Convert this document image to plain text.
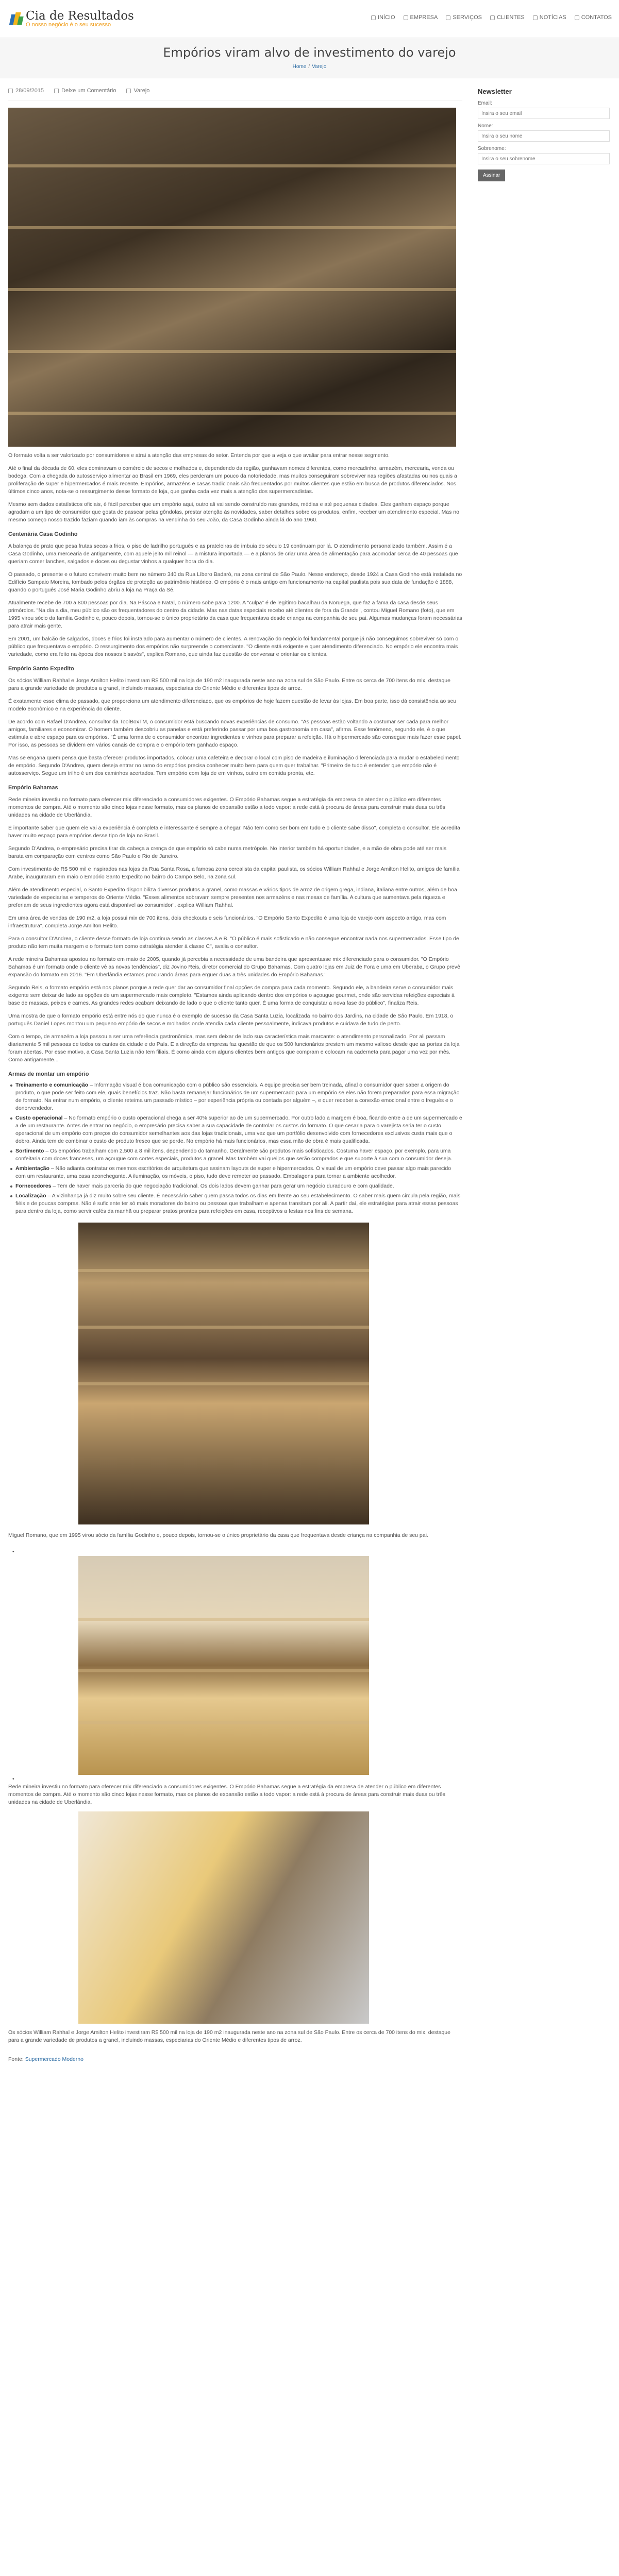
Cia de Resultados
O nosso negócio é o seu sucesso
INÍCIO	EMPRESA	SERVIÇOS	CLIENTES	NOTÍCIAS	CONTATOS
Empórios viram alvo de investimento do varejo
Home / Varejo
28/09/2015	Deixe um Comentário	Varejo

O formato volta a ser valorizado por consumidores e atrai a atenção das empresas do setor. Entenda por que a veja o que avaliar para entrar nesse segmento.

Até o final da década de 60, eles dominavam o comércio de secos e molhados e, dependendo da região, ganhavam nomes diferentes, como mercadinho, armazém, mercearia, venda ou bodega. Com a chegada do autosserviço alimentar ao Brasil em 1969, eles perderam um pouco da notoriedade, mas muitos conseguiram sobreviver nas regiões afastadas ou nos quais a proliferação de super e hipermercados é mais recente. Empórios, armazéns e casas tradicionais são frequentados por muitos clientes que estão em busca de produtos diferenciados. Nos últimos cinco anos, nota-se o ressurgimento desse formato de loja, que ganha cada vez mais a atenção dos supermercadistas.

Mesmo sem dados estatísticos oficiais, é fácil perceber que um empório aqui, outro ali vai sendo construído nas grandes, médias e até pequenas cidades. Eles ganham espaço porque agradam a um tipo de consumidor que gosta de passear pelas gôndolas, prestar atenção às novidades, saber detalhes sobre os produtos, enfim, receber um atendimento especial. Mas no mesmo começo nosso trazido faziam quando iam às compras na vendinha do seu João, da Casa Godinho ainda lá do ano 1960.

Centenária Casa Godinho

A balança de prato que pesa frutas secas a frios, o piso de ladrilho português e as prateleiras de imbuia do século 19 continuam por lá. O atendimento personalizado também. Assim é a Casa Godinho, uma mercearia de antigamente, com aquele jeito mil reinol — a mistura importada — e a planos de criar uma área de alimentação para acomodar cerca de 40 pessoas que queriam comer lanches, salgados e doces ou degustar vinhos a qualquer hora do dia.

O passado, o presente e o futuro convivem muito bem no número 340 da Rua Líbero Badaró, na zona central de São Paulo. Nesse endereço, desde 1924 a Casa Godinho está instalada no Edifício Sampaio Moreira, tombado pelos órgãos de proteção ao patrimônio histórico. O empório é o mais antigo em funcionamento na capital paulista pois sua data de fundação é 1888, quando o português José Maria Godinho abriu a loja na Praça da Sé.

Atualmente recebe de 700 a 800 pessoas por dia. Na Páscoa e Natal, o número sobe para 1200. A "culpa" é de legítimo bacalhau da Noruega, que faz a fama da casa desde seus primórdios. "Na dia a dia, meu público são os frequentadores do centro da cidade. Mas nas datas especiais recebo até clientes de fora da Grande", contou Miguel Romano (foto), que em 1995 virou sócio da família Godinho e, pouco depois, tornou-se o único proprietário da casa que frequentava desde criança na companhia de seu pai. Algumas mudanças foram necessárias para atrair mais gente.

Em 2001, um balcão de salgados, doces e frios foi instalado para aumentar o número de clientes. A renovação do negócio foi fundamental porque já não conseguimos sobreviver só com o público que frequentava o empório. O ressurgimento dos empórios não surpreende o comerciante. "O cliente está exigente e quer atendimento diferenciado. No empório ele encontra mais variedade, como era feito na época dos nossos bisavós", explica Romano, que ainda faz questão de conversar e orientar os clientes.

Empório Santo Expedito

Os sócios William Rahhal e Jorge Amilton Helito investiram R$ 500 mil na loja de 190 m2 inaugurada neste ano na zona sul de São Paulo. Entre os cerca de 700 itens do mix, destaque para a grande variedade de produtos a granel, incluindo massas, especiarias do Oriente Médio e diferentes tipos de arroz.

É exatamente esse clima de passado, que proporciona um atendimento diferenciado, que os empórios de hoje fazem questão de levar às lojas. Em boa parte, isso dá consistência ao seu modelo econômico e na experiência do cliente.

De acordo com Rafael D'Andrea, consultor da ToolBoxTM, o consumidor está buscando novas experiências de consumo. "As pessoas estão voltando a costumar ser cada para melhor amigos, familiares e economizar. O homem também descobriu as panelas e está preferindo passar por uma boa gastronomia em casa", afirma. Esse fenômeno, segundo ele, é o que estimula e abre espaço para os empórios. "É uma forma de o consumidor encontrar ingredientes e vinhos para preparar a refeição. Há o hipermercado são consegue mais fazer esse papel. Por isso, as pessoas se dividem em vários canais de compra e o empório tem ganhado espaço.

Mas se engana quem pensa que basta oferecer produtos importados, colocar uma cafeteira e decorar o local com piso de madeira e iluminação diferenciada para mudar o estabelecimento de empório. Segundo D'Andrea, quem deseja entrar no ramo do empórios precisa conhecer muito bem para quem quer trabalhar. "Primeiro de tudo é entender que empório não é autosserviço. Segue um trilho é um dos caminhos acertados. Tem empório com loja de em vinhos, outro em comida pronta, etc.

Empório Bahamas

Rede mineira investiu no formato para oferecer mix diferenciado a consumidores exigentes. O Empório Bahamas segue a estratégia da empresa de atender o público em diferentes momentos de compra. Até o momento são cinco lojas nesse formato, mas os planos de expansão estão a todo vapor: a rede está à procura de áreas para construir mais duas ou três unidades na cidade de Uberlândia.

É importante saber que quem ele vai a experiência é completa e interessante é sempre a chegar. Não tem como ser bom em tudo e o cliente sabe disso", completa o consultor. Ele acredita haver muito espaço para empórios desse tipo de loja no Brasil.

Segundo D'Andrea, o empresário precisa tirar da cabeça a crença de que empório só cabe numa metrópole. No interior também há oportunidades, e a mão de obra pode até ser mais barata em comparação com centros como São Paulo e Rio de Janeiro.

Com investimento de R$ 500 mil e inspirados nas lojas da Rua Santa Rosa, a famosa zona cerealista da capital paulista, os sócios William Rahhal e Jorge Amilton Helito, amigos de família Árabe, inauguraram em maio o Empório Santo Expedito no bairro do Campo Belo, na zona sul.

Além de atendimento especial, o Santo Expedito disponibiliza diversos produtos a granel, como massas e vários tipos de arroz de origem grega, indiana, italiana entre outros, além de boa variedade de especiarias e temperos do Oriente Médio. "Esses alimentos sobravam sempre presentes nos armazéns e nas mesas de família. A cultura que aumentava pela riqueza e preferiam de seus ingredientes agora está disponível ao consumidor", explica William Rahhal.

Em uma área de vendas de 190 m2, a loja possui mix de 700 itens, dois checkouts e seis funcionários. "O Empório Santo Expedito é uma loja de varejo com aspecto antigo, mas com infraestrutura", completa Jorge Amilton Helito.

Para o consultor D'Andrea, o cliente desse formato de loja continua sendo as classes A e B. "O público é mais sofisticado e não consegue encontrar nada nos supermercados. Esse tipo de produto não tem muita margem e o formato tem como estratégia atender à classe C", avalia o consultor.

A rede mineira Bahamas apostou no formato em maio de 2005, quando já percebia a necessidade de uma bandeira que apresentasse mix diferenciado para o consumidor. "O Empório Bahamas é um formato onde o cliente vê as novas tendências", diz Jovino Reis, diretor comercial do Grupo Bahamas. Com quatro lojas em Juiz de Fora e uma em Uberaba, o Grupo prevê expansão do formato em 2016. "Em Uberlândia estamos procurando áreas para erguer duas a três unidades do Empório Bahamas."

Segundo Reis, o formato empório está nos planos porque a rede quer dar ao consumidor final opções de compra para cada momento. Segundo ele, a bandeira serve o consumidor mais exigente sem deixar de lado as opções de um supermercado mais completo. "Estamos ainda aplicando dentro dos empórios o açougue gourmet, onde são servidas refeições especiais à base de massas, peixes e carnes. As grandes redes acabam deixando de lado o que o cliente tanto quer. É uma forma de conquistar a nova fase do público", finaliza Reis.

Uma mostra de que o formato empório está entre nós do que nunca é o exemplo de sucesso da Casa Santa Luzia, localizada no bairro dos Jardins, na cidade de São Paulo. Em 1918, o português Daniel Lopes montou um pequeno empório de secos e molhados onde atendia cada cliente pessoalmente, indicava produtos e cuidava de tudo de perto.

Com o tempo, de armazém a loja passou a ser uma referência gastronômica, mas sem deixar de lado sua característica mais marcante: o atendimento personalizado. Por ali passam diariamente 5 mil pessoas de todos os cantos da cidade e do País. E a direção da empresa faz questão de que os 500 funcionários prestem um mesmo valioso desde que as portas da loja foram abertas. Por esse motivo, a Casa Santa Luzia não tem filiais. É como ainda com alguns clientes bem antigos que compram e colocam na caderneta para pagar uma vez por mês. Como antigamente...

Armas de montar um empório
Treinamento e comunicação – Informação visual é boa comunicação com o público são essenciais. A equipe precisa ser bem treinada, afinal o consumidor quer saber a origem do produto, o que pode ser feito com ele, quais benefícios traz. Não basta remanejar funcionários de um supermercado para um empório se eles não forem preparados para essa migração de formato. Na entrar num empório, o cliente reteima um passado místico – por experiência própria ou contada por alguém –, e quer receber a conexão emocional entre o fregués e o donorvendedor.
Custo operacional – No formato empório o custo operacional chega a ser 40% superior ao de um supermercado. Por outro lado a margem é boa, ficando entre a de um supermercado e a de um restaurante. Antes de entrar no negócio, o empresário precisa saber a sua capacidade de controlar os custos do formato. O que cesaria para o varejista seria ter o custo operacional de um empório com preços do consumidor semelhantes aos das lojas tradicionais, uma vez que um portfólio desenvolvido com fornecedores exclusivos custa mais que o dobro. Ainda tem de combinar o custo de produto fresco que se perde. No empório há mais funcionários, mas essa mão de obra é mais qualificada.
Sortimento – Os empórios trabalham com 2.500 a 8 mil itens, dependendo do tamanho. Geralmente são produtos mais sofisticados. Costuma haver espaço, por exemplo, para uma confeitaria com doces franceses, um açougue com cortes especiais, produtos a granel. Mas também vai queijos que serão comprados e que suporte à sua com o consumidor deseja.
Ambientação – Não adianta contratar os mesmos escritórios de arquitetura que assinam layouts de super e hipermercados. O visual de um empório deve passar algo mais parecido com um restaurante, uma casa aconchegante. A iluminação, os móveis, o piso, tudo deve remeter ao passado. Embalagens para tornar a ambiente acolhedor.
Fornecedores – Tem de haver mais parceria do que negociação tradicional. Os dois lados devem ganhar para gerar um negócio duradouro e com qualidade.
Localização – A vizinhança já diz muito sobre seu cliente. É necessário saber quem passa todos os dias em frente ao seu estabelecimento. O saber mais quem circula pela região, mais fiéis e de poucas compras. Não é suficiente ter só mais moradores do bairro ou pessoas que trabalham e apenas transitam por ali. A partir daí, ele estratégias para atrair essas pessoas para dentro da loja, como servir cafés da manhã ou preparar pratos prontos para refeições em casa, receptivos a festas nos fins de semana.
Miguel Romano, que em 1995 virou sócio da família Godinho e, pouco depois, tornou-se o único proprietário da casa que frequentava desde criança na companhia de seu pai.
•
•
Rede mineira investiu no formato para oferecer mix diferenciado a consumidores exigentes. O Empório Bahamas segue a estratégia da empresa de atender o público em diferentes momentos de compra. Até o momento são cinco lojas nesse formato, mas os planos de expansão estão a todo vapor: a rede está à procura de áreas para construir mais duas ou três unidades na cidade de Uberlândia.
Os sócios William Rahhal e Jorge Amilton Helito investiram R$ 500 mil na loja de 190 m2 inaugurada neste ano na zona sul de São Paulo. Entre os cerca de 700 itens do mix, destaque para a grande variedade de produtos a granel, incluindo massas, especiarias do Oriente Médio e diferentes tipos de arroz.
Fonte: Supermercado Moderno
Newsletter
Email:
Insira o seu email
Nome:
Insira o seu nome
Sobrenome:
Insira o seu sobrenome Assinar
